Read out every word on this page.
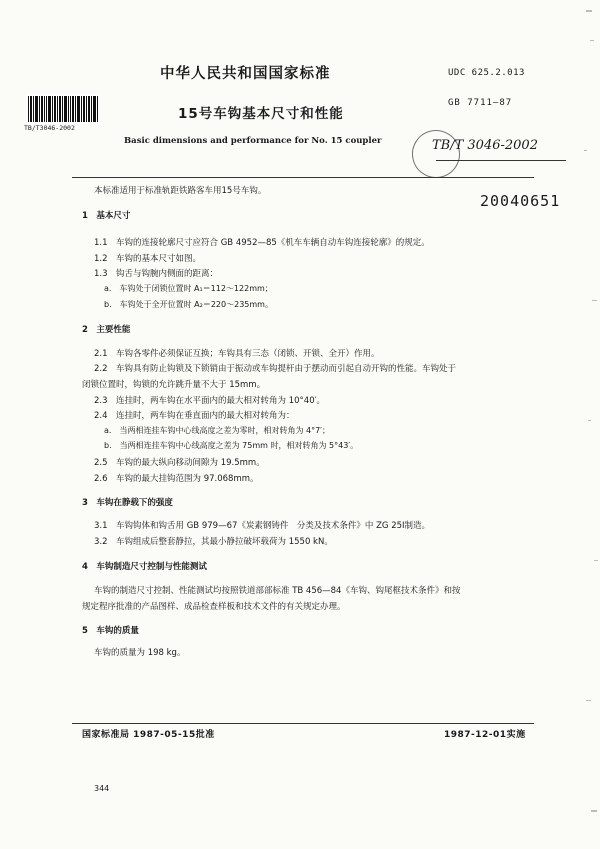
中华人民共和国国家标准	UDC 625.2.013
GB 7711—87
15号车钩基本尺寸和性能
Basic dimensions and performance for No. 15 coupler
TB/T3046-2002
TB/T 3046-2002
本标准适用于标准轨距铁路客车用15号车钩。
20040651
1　基本尺寸
1.1　车钩的连接轮廓尺寸应符合 GB 4952—85《机车车辆自动车钩连接轮廓》的规定。
1.2　车钩的基本尺寸如图。
1.3　钩舌与钩腕内侧面的距离：
a.　车钩处于闭锁位置时 A₁＝112～122mm；
b.　车钩处于全开位置时 A₂＝220～235mm。
2　主要性能
2.1　车钩各零件必须保证互换；车钩具有三态（闭锁、开锁、全开）作用。
2.2　车钩具有防止钩锁及下锁销由于振动或车钩提杆由于摆动而引起自动开钩的性能。车钩处于
闭锁位置时，钩锁的允许跳升量不大于 15mm。
2.3　连挂时，两车钩在水平面内的最大相对转角为 10°40′。
2.4　连挂时，两车钩在垂直面内的最大相对转角为：
a.　当两相连挂车钩中心线高度之差为零时，相对转角为 4°7′；
b.　当两相连挂车钩中心线高度之差为 75mm 时，相对转角为 5°43′。
2.5　车钩的最大纵向移动间隙为 19.5mm。
2.6　车钩的最大挂钩范围为 97.068mm。
3　车钩在静载下的强度
3.1　车钩钩体和钩舌用 GB 979—67《炭素钢铸件　分类及技术条件》中 ZG 25Ⅰ制造。
3.2　车钩组成后整套静拉，其最小静拉破坏载荷为 1550 kN。
4　车钩制造尺寸控制与性能测试
车钩的制造尺寸控制、性能测试均按照铁道部部标准 TB 456—84《车钩、钩尾框技术条件》和按
规定程序批准的产品图样、成品检查样板和技术文件的有关规定办理。
5　车钩的质量
车钩的质量为 198 kg。
国家标准局 1987-05-15批准	1987-12-01实施
344
